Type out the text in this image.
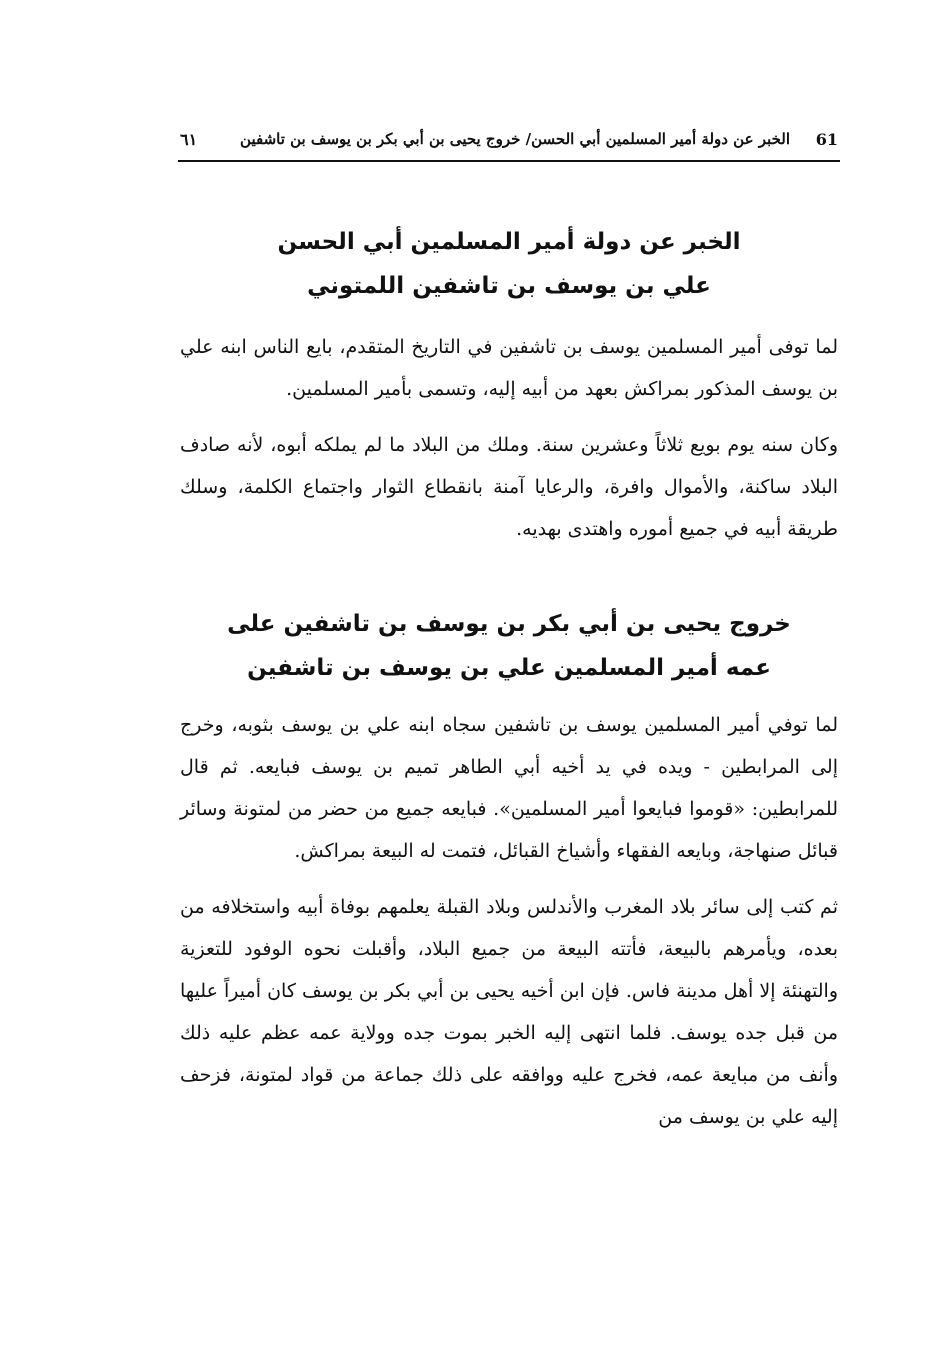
61
الخبر عن دولة أمير المسلمين أبي الحسن/ خروج يحيى بن أبي بكر بن يوسف بن تاشفين
٦١
الخبر عن دولة أمير المسلمين أبي الحسن
علي بن يوسف بن تاشفين اللمتوني

لما توفى أمير المسلمين يوسف بن تاشفين في التاريخ المتقدم، بايع الناس ابنه علي بن يوسف المذكور بمراكش بعهد من أبيه إليه، وتسمى بأمير المسلمين.

وكان سنه يوم بويع ثلاثاً وعشرين سنة. وملك من البلاد ما لم يملكه أبوه، لأنه صادف البلاد ساكنة، والأموال وافرة، والرعايا آمنة بانقطاع الثوار واجتماع الكلمة، وسلك طريقة أبيه في جميع أموره واهتدى بهديه.

خروج يحيى بن أبي بكر بن يوسف بن تاشفين على
عمه أمير المسلمين علي بن يوسف بن تاشفين

لما توفي أمير المسلمين يوسف بن تاشفين سجاه ابنه علي بن يوسف بثوبه، وخرج إلى المرابطين - ويده في يد أخيه أبي الطاهر تميم بن يوسف فبايعه. ثم قال للمرابطين: «قوموا فبايعوا أمير المسلمين». فبايعه جميع من حضر من لمتونة وسائر قبائل صنهاجة، وبايعه الفقهاء وأشياخ القبائل، فتمت له البيعة بمراكش.

ثم كتب إلى سائر بلاد المغرب والأندلس وبلاد القبلة يعلمهم بوفاة أبيه واستخلافه من بعده، ويأمرهم بالبيعة، فأتته البيعة من جميع البلاد، وأقبلت نحوه الوفود للتعزية والتهنئة إلا أهل مدينة فاس. فإن ابن أخيه يحيى بن أبي بكر بن يوسف كان أميراً عليها من قبل جده يوسف. فلما انتهى إليه الخبر بموت جده وولاية عمه عظم عليه ذلك وأنف من مبايعة عمه، فخرج عليه ووافقه على ذلك جماعة من قواد لمتونة، فزحف إليه علي بن يوسف من
